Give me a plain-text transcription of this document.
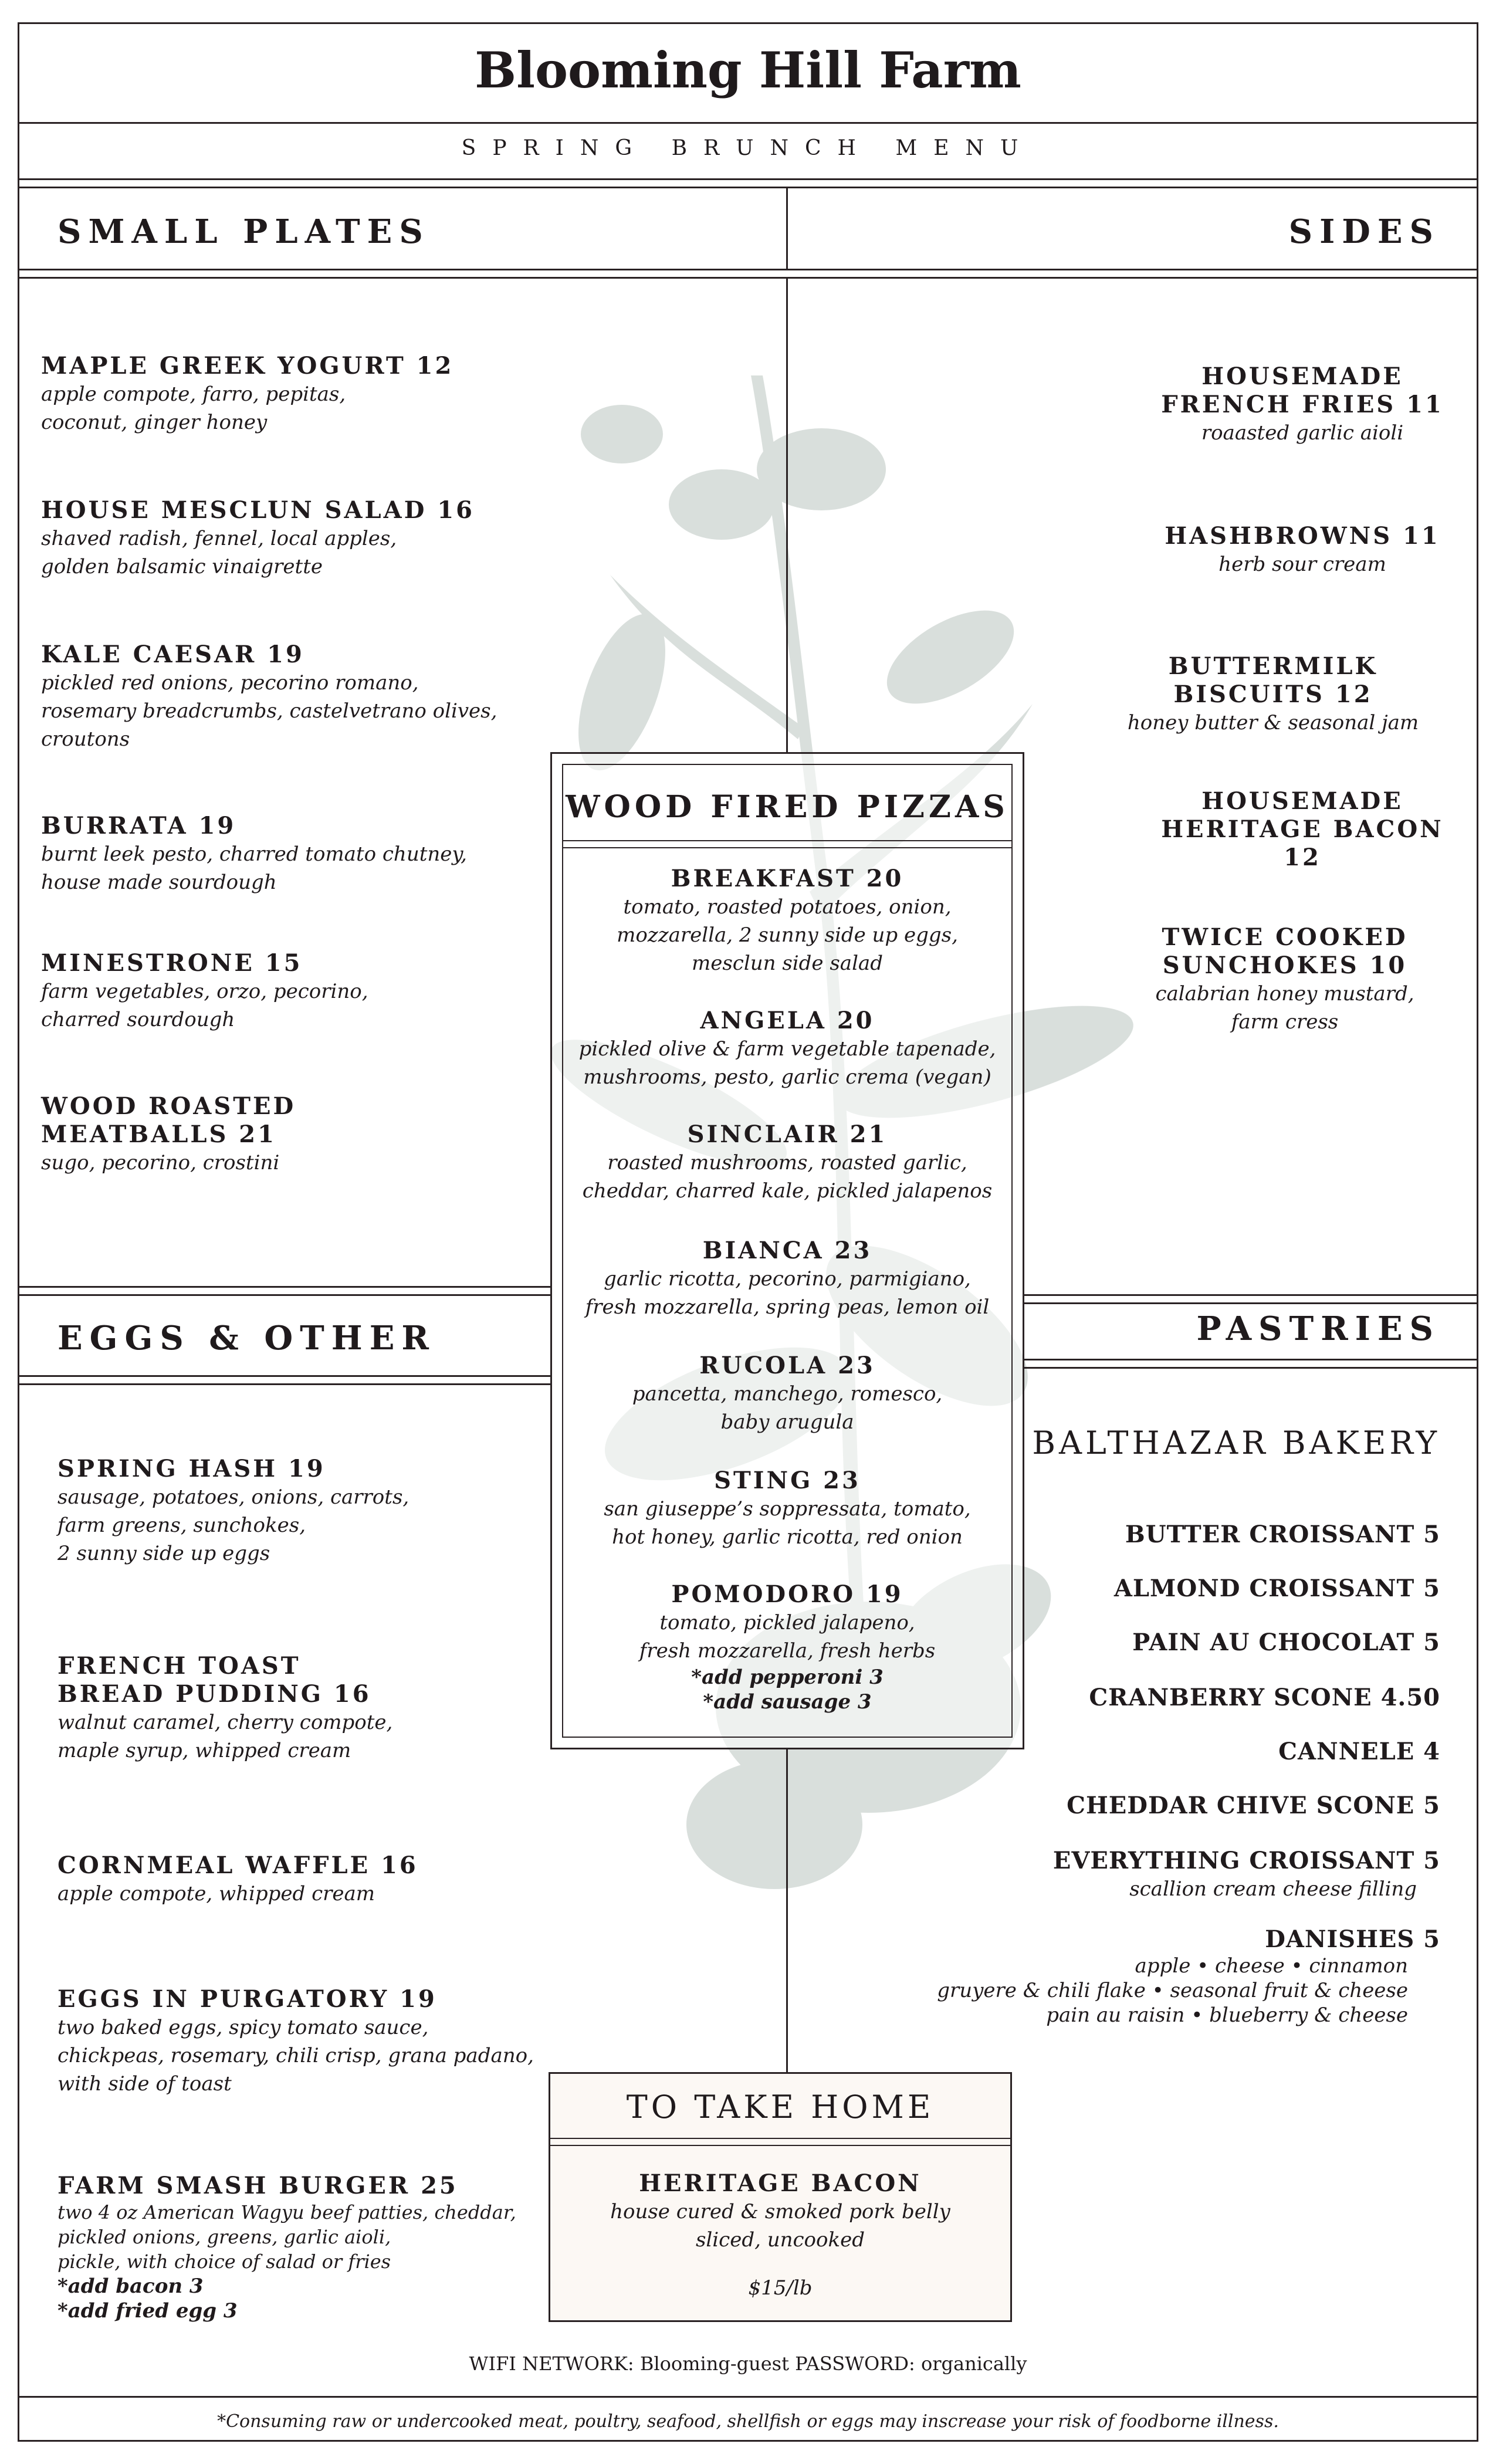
Blooming Hill Farm
SPRING BRUNCH MENU
SMALL PLATES	SIDES
MAPLE GREEK YOGURT 12
apple compote, farro, pepitas,
coconut, ginger honey
HOUSE MESCLUN SALAD 16
shaved radish, fennel, local apples,
golden balsamic vinaigrette
KALE CAESAR 19
pickled red onions, pecorino romano,
rosemary breadcrumbs, castelvetrano olives,
croutons
BURRATA 19
burnt leek pesto, charred tomato chutney,
house made sourdough
MINESTRONE 15
farm vegetables, orzo, pecorino,
charred sourdough
WOOD ROASTED
MEATBALLS 21
sugo, pecorino, crostini
HOUSEMADE
FRENCH FRIES 11
roaasted garlic aioli
HASHBROWNS 11
herb sour cream
BUTTERMILK BISCUITS 12
honey butter & seasonal jam
HOUSEMADE
HERITAGE BACON 12
TWICE COOKED
SUNCHOKES 10
calabrian honey mustard,
farm cress
WOOD FIRED PIZZAS
BREAKFAST 20
tomato, roasted potatoes, onion,
mozzarella, 2 sunny side up eggs,
mesclun side salad
ANGELA 20
pickled olive & farm vegetable tapenade,
mushrooms, pesto, garlic crema (vegan)
SINCLAIR 21
roasted mushrooms, roasted garlic,
cheddar, charred kale, pickled jalapenos
BIANCA 23
garlic ricotta, pecorino, parmigiano,
fresh mozzarella, spring peas, lemon oil
RUCOLA 23
pancetta, manchego, romesco,
baby arugula
STING 23
san giuseppe’s soppressata, tomato,
hot honey, garlic ricotta, red onion
POMODORO 19
tomato, pickled jalapeno,
fresh mozzarella, fresh herbs
*add pepperoni 3
*add sausage 3
EGGS & OTHER	PASTRIES
SPRING HASH 19
sausage, potatoes, onions, carrots,
farm greens, sunchokes,
2 sunny side up eggs
FRENCH TOAST
BREAD PUDDING 16
walnut caramel, cherry compote,
maple syrup, whipped cream
CORNMEAL WAFFLE 16
apple compote, whipped cream
EGGS IN PURGATORY 19
two baked eggs, spicy tomato sauce,
chickpeas, rosemary, chili crisp, grana padano,
with side of toast
FARM SMASH BURGER 25
two 4 oz American Wagyu beef patties, cheddar,
pickled onions, greens, garlic aioli,
pickle, with choice of salad or fries
*add bacon 3
*add fried egg 3
BALTHAZAR BAKERY
BUTTER CROISSANT 5
ALMOND CROISSANT 5
PAIN AU CHOCOLAT 5
CRANBERRY SCONE 4.50
CANNELE 4
CHEDDAR CHIVE SCONE 5
EVERYTHING CROISSANT 5
scallion cream cheese filling
DANISHES 5
apple • cheese • cinnamon
gruyere & chili flake • seasonal fruit & cheese
pain au raisin • blueberry & cheese
TO TAKE HOME
HERITAGE BACON
house cured & smoked pork belly
sliced, uncooked
$15/lb
WIFI NETWORK: Blooming-guest PASSWORD: organically
*Consuming raw or undercooked meat, poultry, seafood, shellfish or eggs may inscrease your risk of foodborne illness.
